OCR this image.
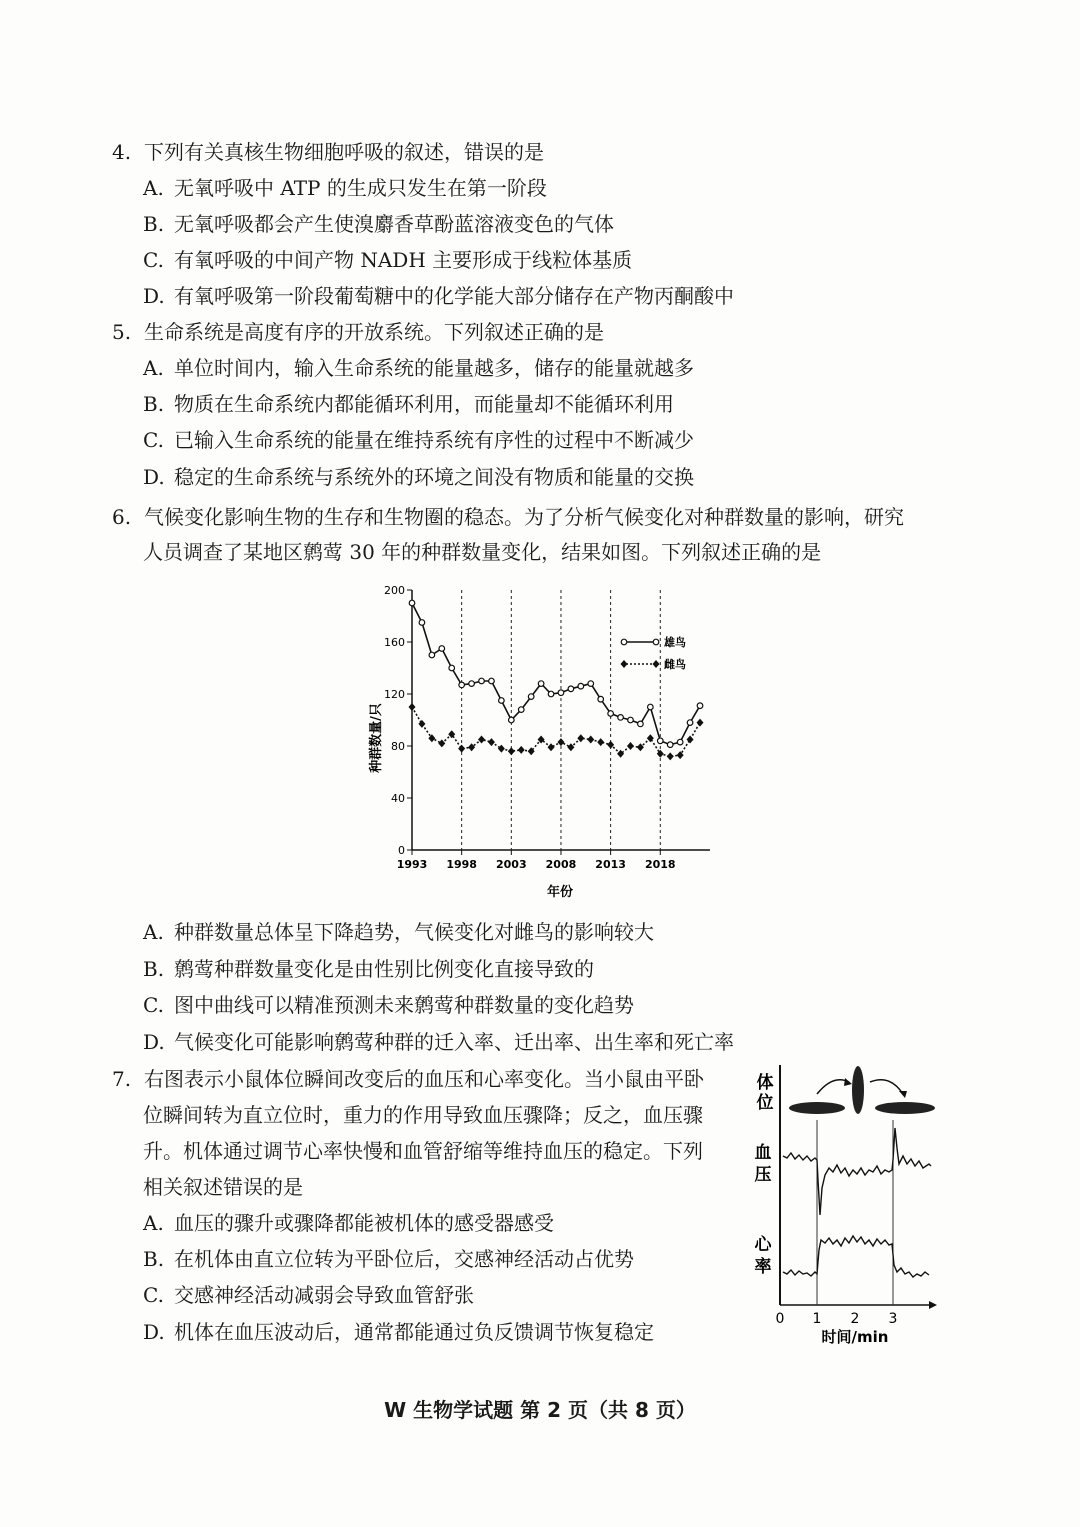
4. 下列有关真核生物细胞呼吸的叙述，错误的是
A. 无氧呼吸中 ATP 的生成只发生在第一阶段
B. 无氧呼吸都会产生使溴麝香草酚蓝溶液变色的气体
C. 有氧呼吸的中间产物 NADH 主要形成于线粒体基质
D. 有氧呼吸第一阶段葡萄糖中的化学能大部分储存在产物丙酮酸中
5. 生命系统是高度有序的开放系统。下列叙述正确的是
A. 单位时间内，输入生命系统的能量越多，储存的能量就越多
B. 物质在生命系统内都能循环利用，而能量却不能循环利用
C. 已输入生命系统的能量在维持系统有序性的过程中不断减少
D. 稳定的生命系统与系统外的环境之间没有物质和能量的交换
6. 气候变化影响生物的生存和生物圈的稳态。为了分析气候变化对种群数量的影响，研究
人员调查了某地区鹩莺 30 年的种群数量变化，结果如图。下列叙述正确的是
0
40
80
120
160
200
1993 1998 2003 2008 2013 2018
雄鸟
雌鸟
种群数量/只
年份
A. 种群数量总体呈下降趋势，气候变化对雌鸟的影响较大
B. 鹩莺种群数量变化是由性别比例变化直接导致的
C. 图中曲线可以精准预测未来鹩莺种群数量的变化趋势
D. 气候变化可能影响鹩莺种群的迁入率、迁出率、出生率和死亡率
7. 右图表示小鼠体位瞬间改变后的血压和心率变化。当小鼠由平卧
位瞬间转为直立位时，重力的作用导致血压骤降；反之，血压骤
升。机体通过调节心率快慢和血管舒缩等维持血压的稳定。下列
相关叙述错误的是
A. 血压的骤升或骤降都能被机体的感受器感受
B. 在机体由直立位转为平卧位后，交感神经活动占优势
C. 交感神经活动减弱会导致血管舒张
D. 机体在血压波动后，通常都能通过负反馈调节恢复稳定
体
位
血
压
心
率
0 1 2 3
时间/min
W 生物学试题 第 2 页（共 8 页）
